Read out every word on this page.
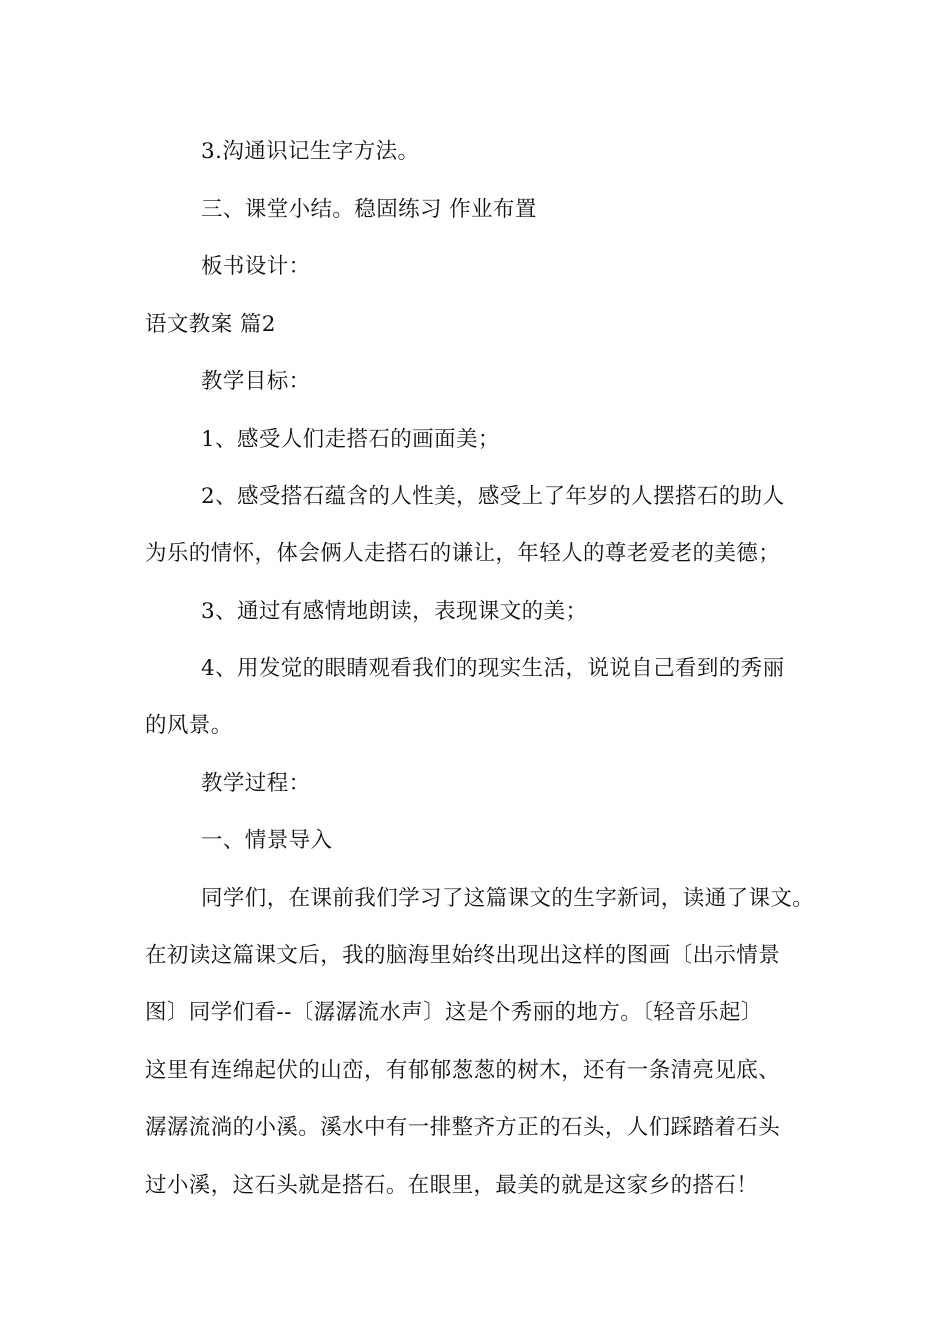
3.沟通识记生字方法。
三、课堂小结。稳固练习 作业布置
板书设计：
语文教案 篇2
教学目标：
1、感受人们走搭石的画面美；
2、感受搭石蕴含的人性美，感受上了年岁的人摆搭石的助人
为乐的情怀，体会俩人走搭石的谦让，年轻人的尊老爱老的美德；
3、通过有感情地朗读，表现课文的美；
4、用发觉的眼睛观看我们的现实生活，说说自己看到的秀丽
的风景。
教学过程：
一、情景导入
同学们，在课前我们学习了这篇课文的生字新词，读通了课文。
在初读这篇课文后，我的脑海里始终出现出这样的图画〔出示情景
图〕同学们看--〔潺潺流水声〕这是个秀丽的地方。〔轻音乐起〕
这里有连绵起伏的山峦，有郁郁葱葱的树木，还有一条清亮见底、
潺潺流淌的小溪。溪水中有一排整齐方正的石头，人们踩踏着石头
过小溪，这石头就是搭石。在眼里，最美的就是这家乡的搭石！
